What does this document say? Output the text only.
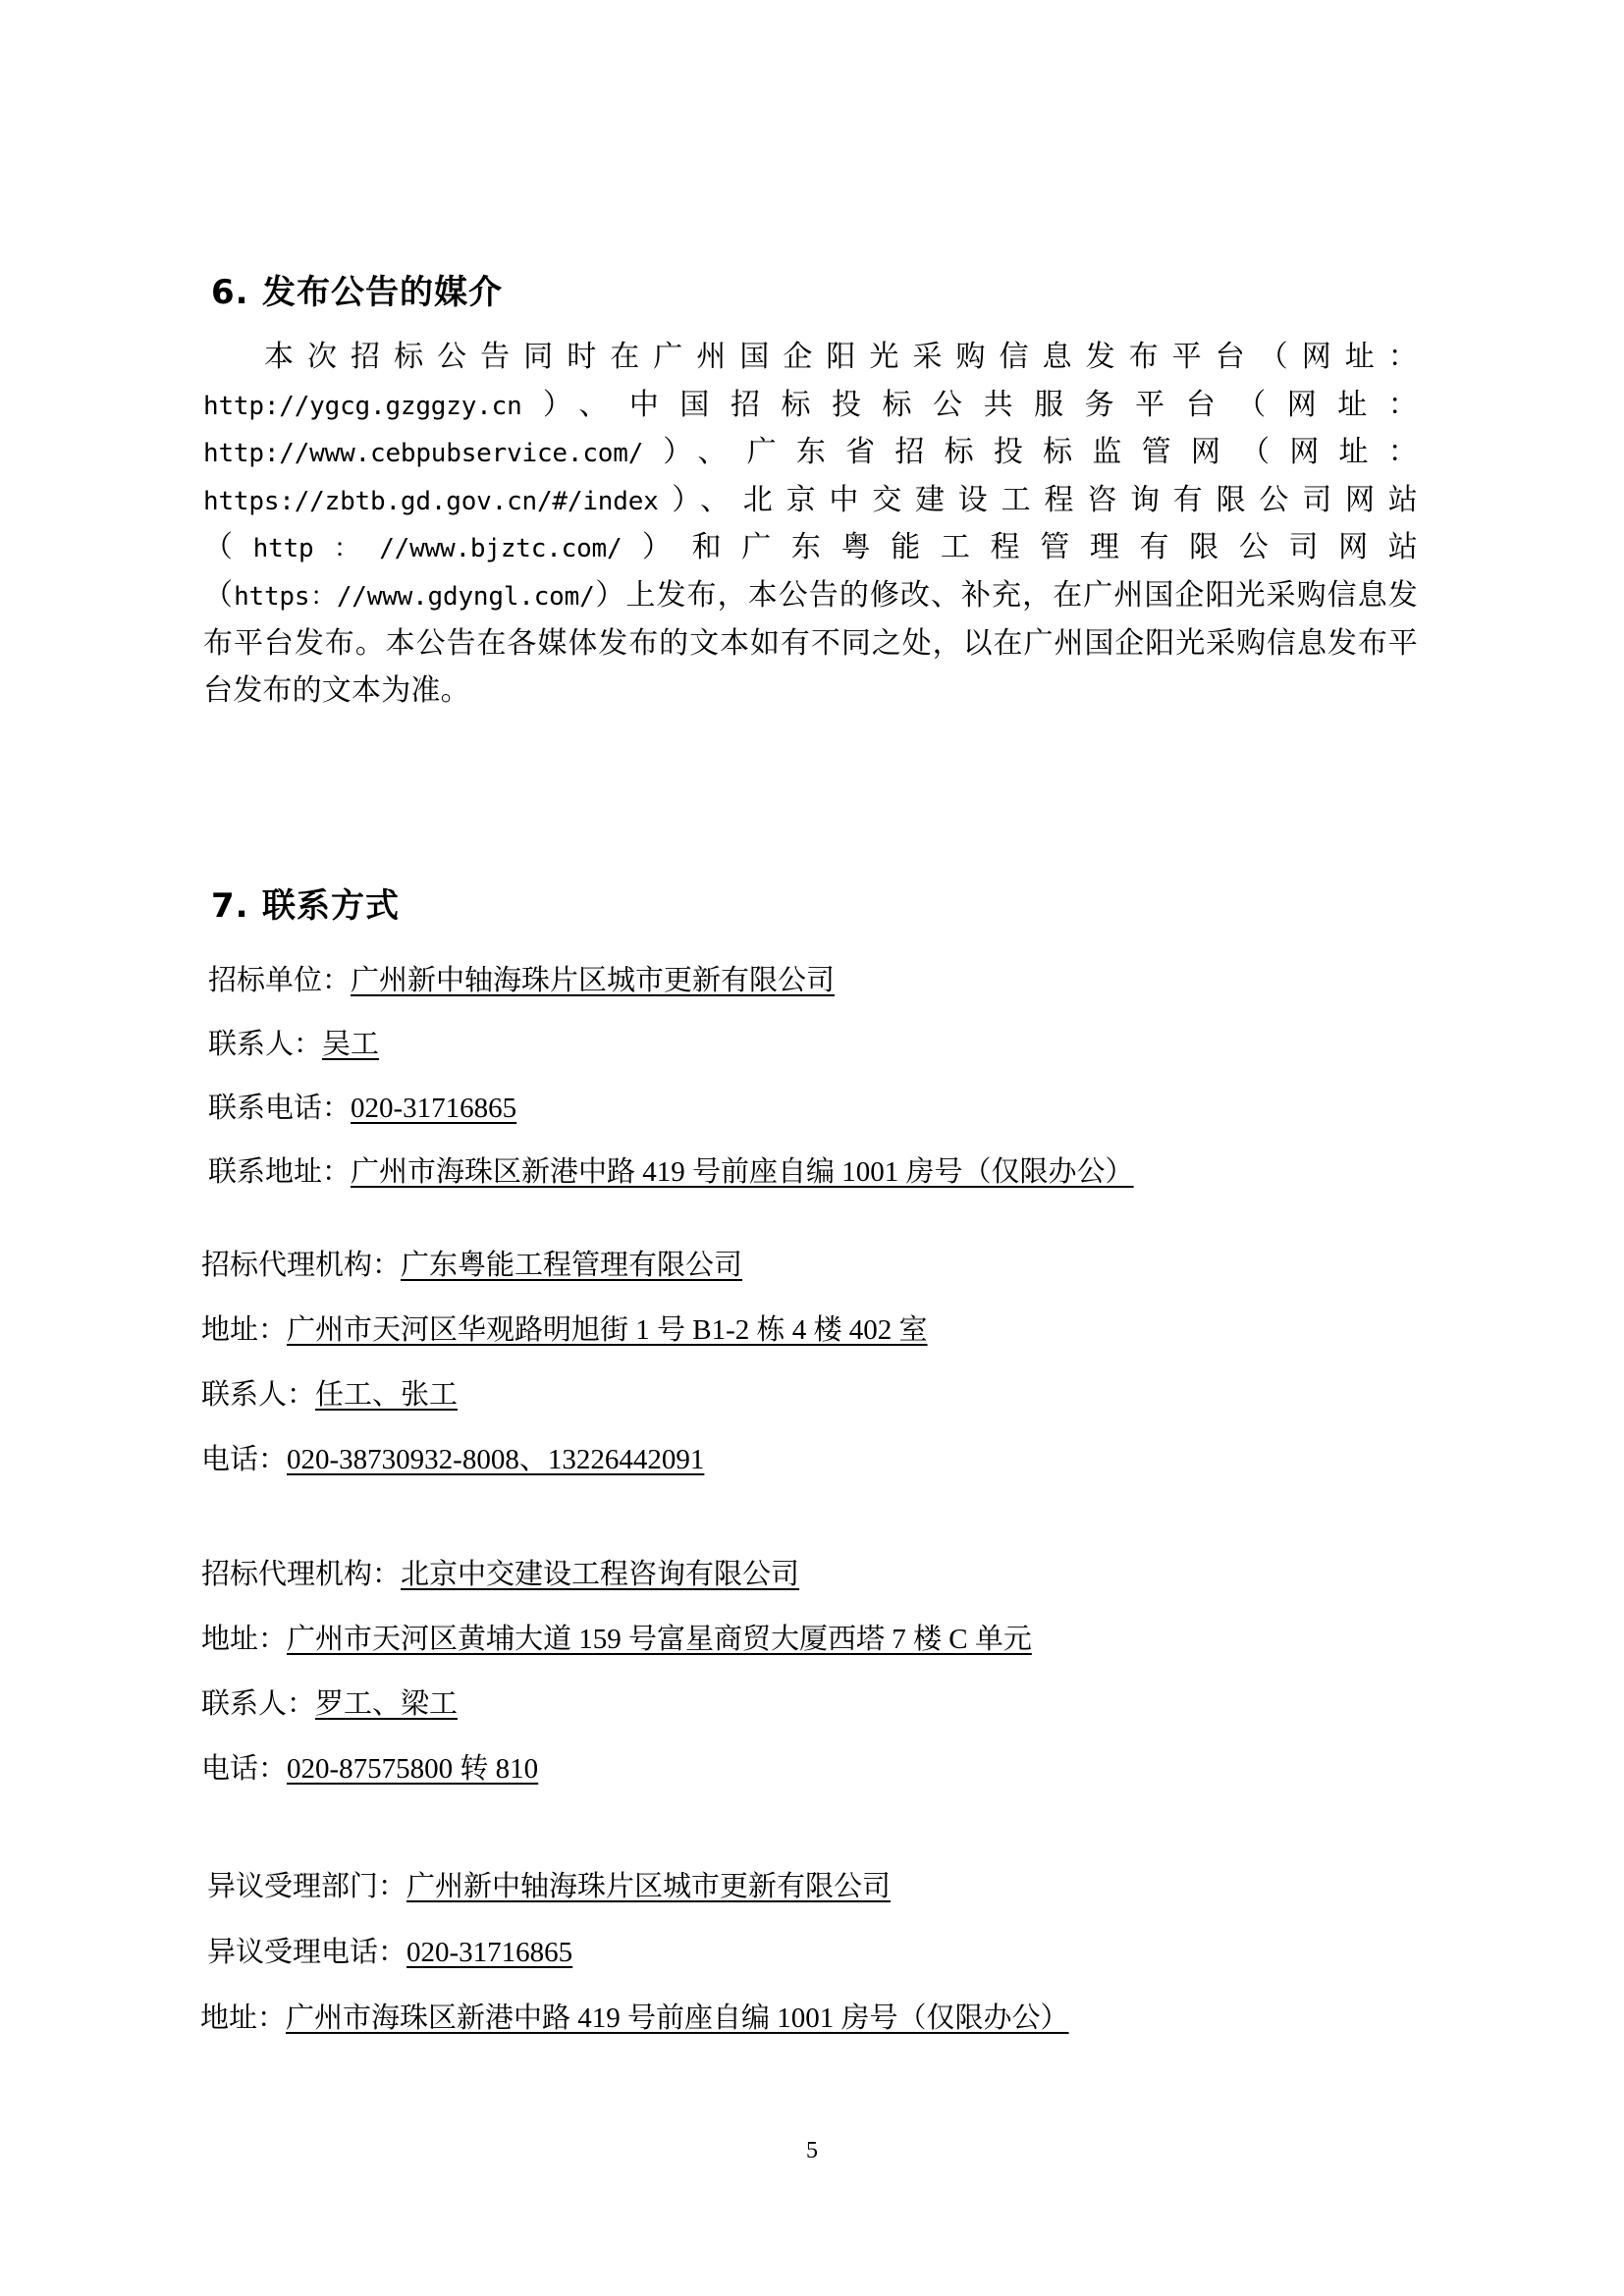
6. 发布公告的媒介

本次招标公告同时在广州国企阳光采购信息发布平台（网址：http://ygcg.gzggzy.cn）、中国招标投标公共服务平台（网址：http://www.cebpubservice.com/）、广东省招标投标监管网（网址：https://zbtb.gd.gov.cn/#/index）、北京中交建设工程咨询有限公司网站（http：//www.bjztc.com/）和广东粤能工程管理有限公司网站（https：//www.gdyngl.com/）上发布，本公告的修改、补充，在广州国企阳光采购信息发布平台发布。本公告在各媒体发布的文本如有不同之处，以在广州国企阳光采购信息发布平台发布的文本为准。

7. 联系方式

招标单位：广州新中轴海珠片区城市更新有限公司

联系人：吴工

联系电话：020-31716865

联系地址：广州市海珠区新港中路 419 号前座自编 1001 房号（仅限办公）

招标代理机构：广东粤能工程管理有限公司

地址：广州市天河区华观路明旭街 1 号 B1-2 栋 4 楼 402 室

联系人：任工、张工

电话：020-38730932-8008、13226442091

招标代理机构：北京中交建设工程咨询有限公司

地址：广州市天河区黄埔大道 159 号富星商贸大厦西塔 7 楼 C 单元

联系人：罗工、梁工

电话：020-87575800 转 810

异议受理部门：广州新中轴海珠片区城市更新有限公司

异议受理电话：020-31716865

地址：广州市海珠区新港中路 419 号前座自编 1001 房号（仅限办公）

5
